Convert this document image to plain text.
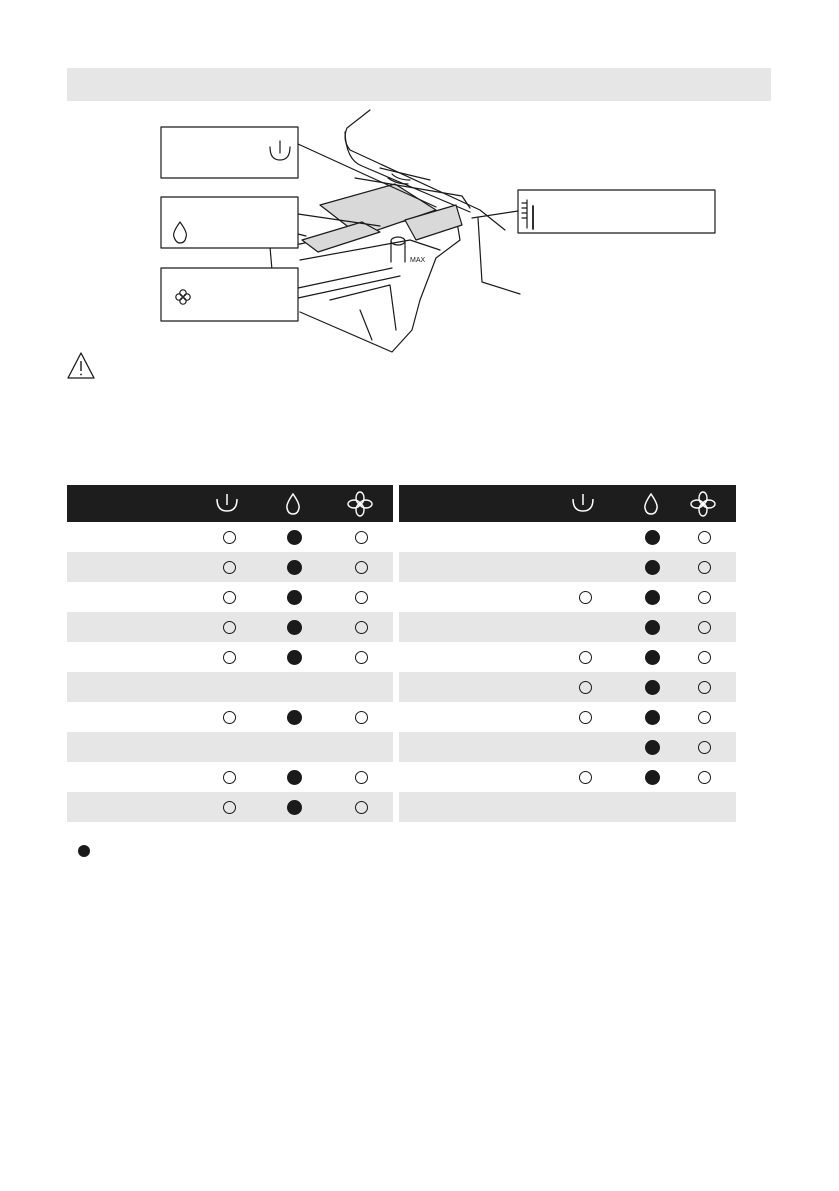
MAX
